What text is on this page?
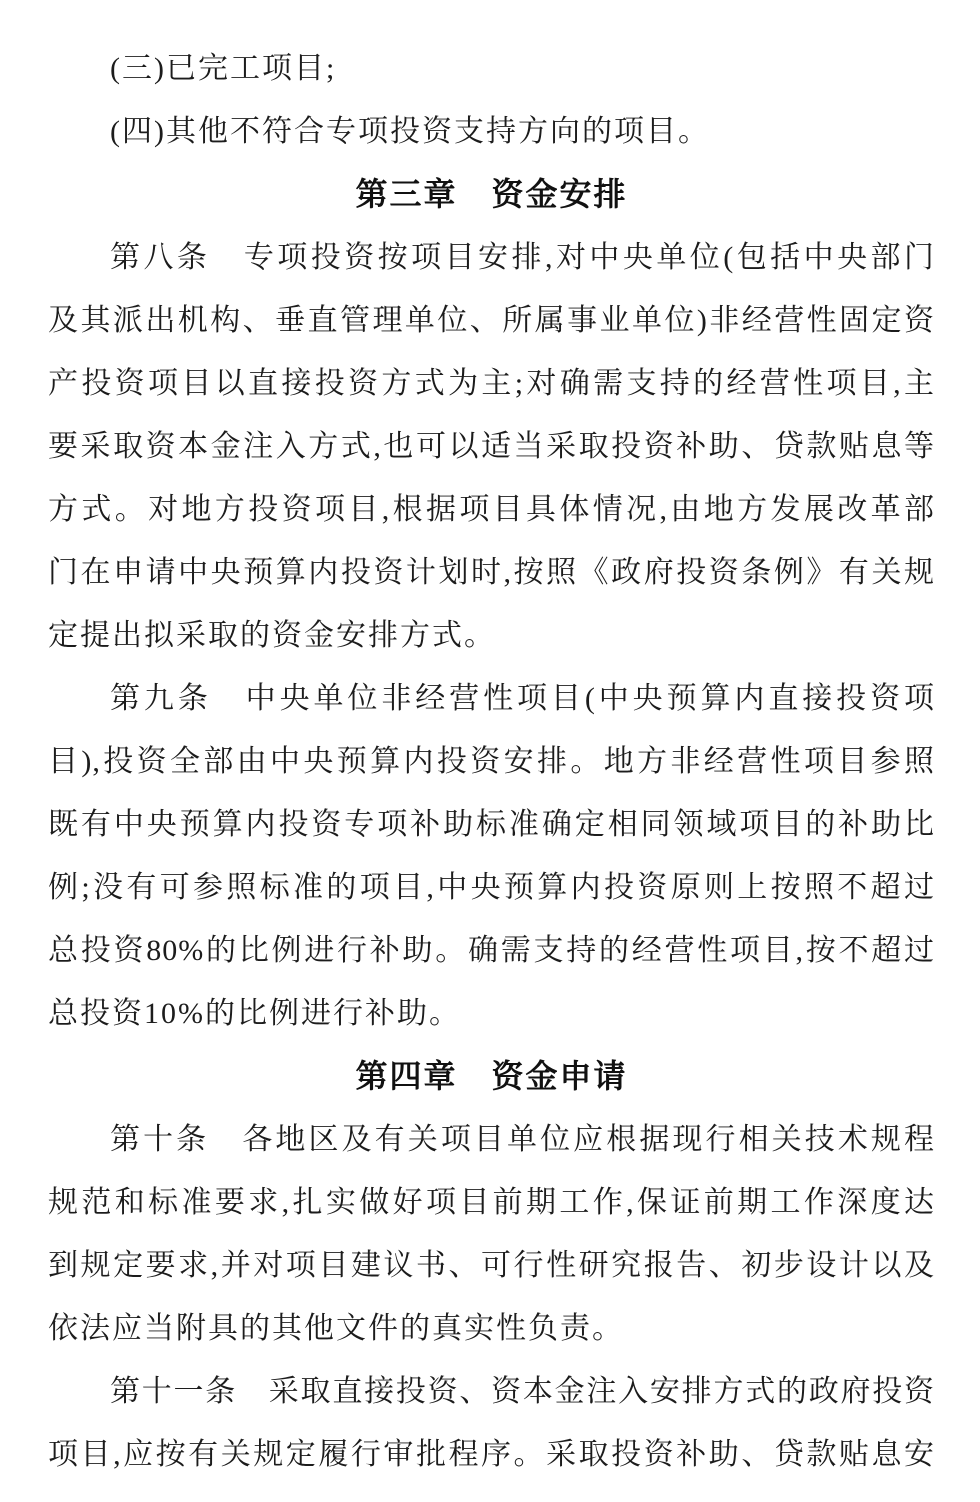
(三)已完工项目;
(四)其他不符合专项投资支持方向的项目。
第三章　资金安排
第八条　专项投资按项目安排,对中央单位(包括中央部门
及其派出机构、垂直管理单位、所属事业单位)非经营性固定资
产投资项目以直接投资方式为主;对确需支持的经营性项目,主
要采取资本金注入方式,也可以适当采取投资补助、贷款贴息等
方式。对地方投资项目,根据项目具体情况,由地方发展改革部
门在申请中央预算内投资计划时,按照《政府投资条例》有关规
定提出拟采取的资金安排方式。
第九条　中央单位非经营性项目(中央预算内直接投资项
目),投资全部由中央预算内投资安排。地方非经营性项目参照
既有中央预算内投资专项补助标准确定相同领域项目的补助比
例;没有可参照标准的项目,中央预算内投资原则上按照不超过
总投资80%的比例进行补助。确需支持的经营性项目,按不超过
总投资10%的比例进行补助。
第四章　资金申请
第十条　各地区及有关项目单位应根据现行相关技术规程
规范和标准要求,扎实做好项目前期工作,保证前期工作深度达
到规定要求,并对项目建议书、可行性研究报告、初步设计以及
依法应当附具的其他文件的真实性负责。
第十一条　采取直接投资、资本金注入安排方式的政府投资
项目,应按有关规定履行审批程序。采取投资补助、贷款贴息安
